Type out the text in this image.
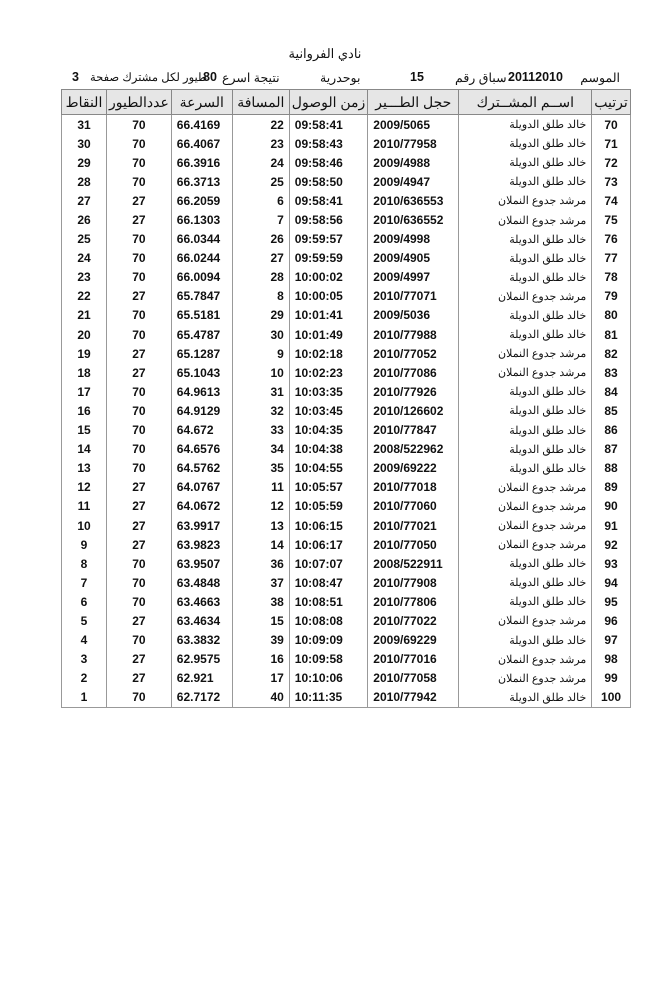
نادي الفروانية
الموسم
20112010
سباق رقم
15
بوحدرية
نتيجة اسرع
80
طيور لكل مشترك صفحة
3
ترتيب	اســم المشــترك	حجل الطـــير	زمن الوصول	المسافة	السرعة	عددالطيور	النقاط
70	خالد طلق الدويلة	2009/5065	09:58:41	22	66.4169	70	31
71	خالد طلق الدويلة	2010/77958	09:58:43	23	66.4067	70	30
72	خالد طلق الدويلة	2009/4988	09:58:46	24	66.3916	70	29
73	خالد طلق الدويلة	2009/4947	09:58:50	25	66.3713	70	28
74	مرشد جدوع النملان	2010/636553	09:58:41	6	66.2059	27	27
75	مرشد جدوع النملان	2010/636552	09:58:56	7	66.1303	27	26
76	خالد طلق الدويلة	2009/4998	09:59:57	26	66.0344	70	25
77	خالد طلق الدويلة	2009/4905	09:59:59	27	66.0244	70	24
78	خالد طلق الدويلة	2009/4997	10:00:02	28	66.0094	70	23
79	مرشد جدوع النملان	2010/77071	10:00:05	8	65.7847	27	22
80	خالد طلق الدويلة	2009/5036	10:01:41	29	65.5181	70	21
81	خالد طلق الدويلة	2010/77988	10:01:49	30	65.4787	70	20
82	مرشد جدوع النملان	2010/77052	10:02:18	9	65.1287	27	19
83	مرشد جدوع النملان	2010/77086	10:02:23	10	65.1043	27	18
84	خالد طلق الدويلة	2010/77926	10:03:35	31	64.9613	70	17
85	خالد طلق الدويلة	2010/126602	10:03:45	32	64.9129	70	16
86	خالد طلق الدويلة	2010/77847	10:04:35	33	64.672	70	15
87	خالد طلق الدويلة	2008/522962	10:04:38	34	64.6576	70	14
88	خالد طلق الدويلة	2009/69222	10:04:55	35	64.5762	70	13
89	مرشد جدوع النملان	2010/77018	10:05:57	11	64.0767	27	12
90	مرشد جدوع النملان	2010/77060	10:05:59	12	64.0672	27	11
91	مرشد جدوع النملان	2010/77021	10:06:15	13	63.9917	27	10
92	مرشد جدوع النملان	2010/77050	10:06:17	14	63.9823	27	9
93	خالد طلق الدويلة	2008/522911	10:07:07	36	63.9507	70	8
94	خالد طلق الدويلة	2010/77908	10:08:47	37	63.4848	70	7
95	خالد طلق الدويلة	2010/77806	10:08:51	38	63.4663	70	6
96	مرشد جدوع النملان	2010/77022	10:08:08	15	63.4634	27	5
97	خالد طلق الدويلة	2009/69229	10:09:09	39	63.3832	70	4
98	مرشد جدوع النملان	2010/77016	10:09:58	16	62.9575	27	3
99	مرشد جدوع النملان	2010/77058	10:10:06	17	62.921	27	2
100	خالد طلق الدويلة	2010/77942	10:11:35	40	62.7172	70	1
